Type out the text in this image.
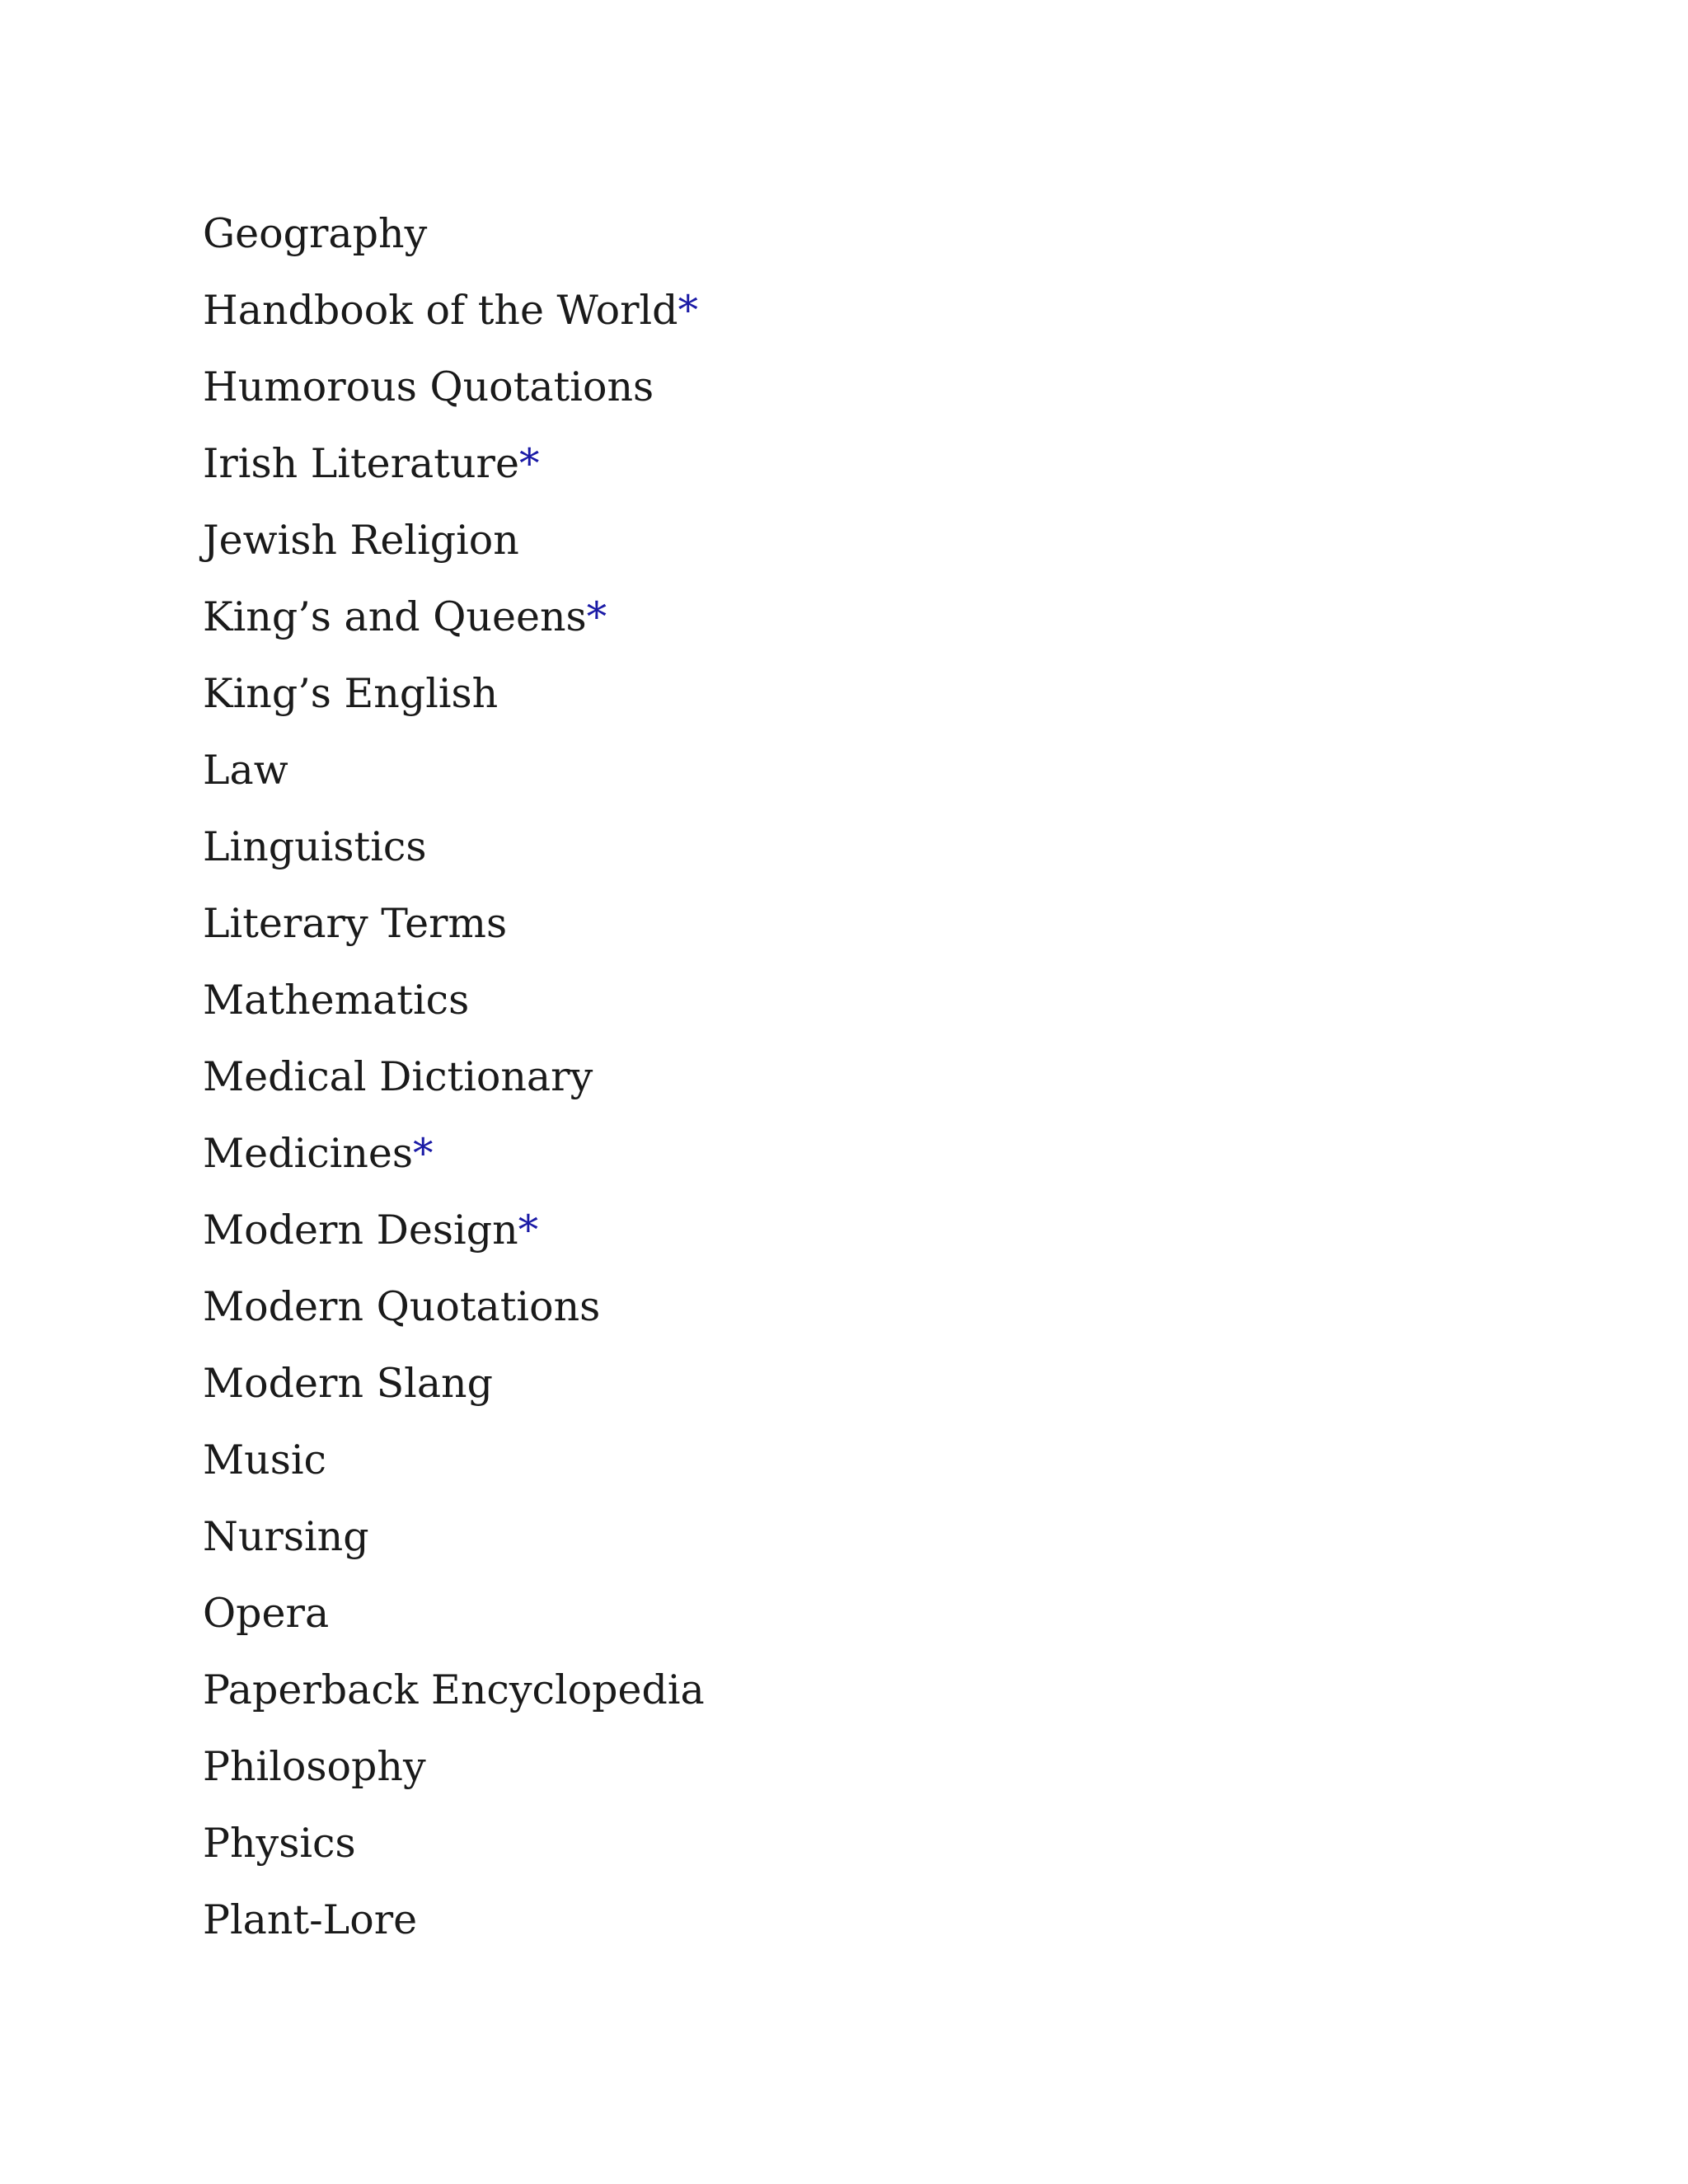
Geography
Handbook of the World*
Humorous Quotations
Irish Literature*
Jewish Religion
King’s and Queens*
King’s English
Law
Linguistics
Literary Terms
Mathematics
Medical Dictionary
Medicines*
Modern Design*
Modern Quotations
Modern Slang
Music
Nursing
Opera
Paperback Encyclopedia
Philosophy
Physics
Plant-Lore
